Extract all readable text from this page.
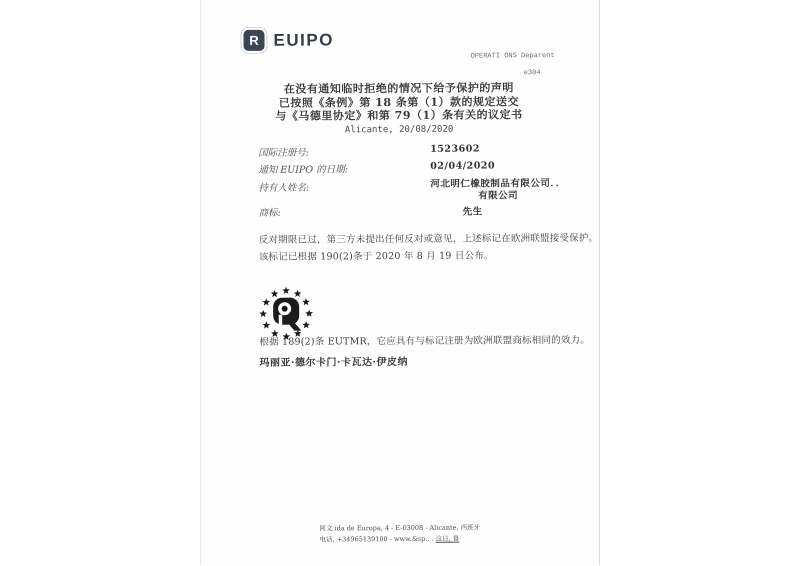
R EUIPO
OPERATI ONS Deparent
e304
在没有通知临时拒绝的情况下给予保护的声明
已按照《条例》第 18 条第（1）款的规定送交
与《马德里协定》和第 79（1）条有关的议定书
Alicante, 20/08/2020
国际注册号:	1523602
通知 EUIPO 的日期:	02/04/2020
持有人姓名:	河北明仁橡胶制品有限公司．．
有限公司
商标:	先生
反对期限已过，第三方未提出任何反对或意见，上述标记在欧洲联盟接受保护。
该标记已根据 190(2)条于 2020 年 8 月 19 日公布。
根据 189(2)条 EUTMR，它应具有与标记注册为欧洲联盟商标相同的效力。
玛丽亚·德尔卡门·卡瓦达·伊皮纳
阿文 ida de Europa, 4 - E-03008 - Alicante, 西班牙
电话, +34965139100 - www.&sp., . 这日, 鲁
